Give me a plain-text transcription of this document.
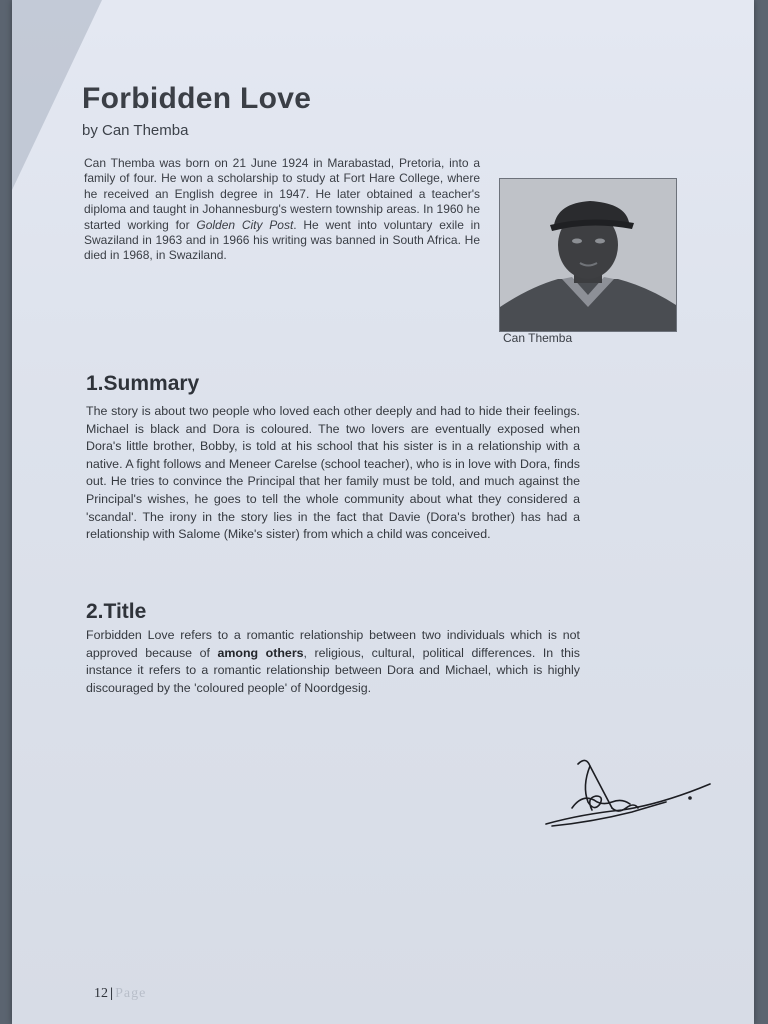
Forbidden Love
by Can Themba

Can Themba was born on 21 June 1924 in Marabastad, Pretoria, into a family of four. He won a scholarship to study at Fort Hare College, where he received an English degree in 1947. He later obtained a teacher's diploma and taught in Johannesburg's western township areas. In 1960 he started working for Golden City Post. He went into voluntary exile in Swaziland in 1963 and in 1966 his writing was banned in South Africa. He died in 1968, in Swaziland.

Can Themba
1.Summary

The story is about two people who loved each other deeply and had to hide their feelings. Michael is black and Dora is coloured. The two lovers are eventually exposed when Dora's little brother, Bobby, is told at his school that his sister is in a relationship with a native. A fight follows and Meneer Carelse (school teacher), who is in love with Dora, finds out. He tries to convince the Principal that her family must be told, and much against the Principal's wishes, he goes to tell the whole community about what they considered a 'scandal'. The irony in the story lies in the fact that Davie (Dora's brother) has had a relationship with Salome (Mike's sister) from which a child was conceived.

2.Title

Forbidden Love refers to a romantic relationship between two individuals which is not approved because of among others, religious, cultural, political differences. In this instance it refers to a romantic relationship between Dora and Michael, which is highly discouraged by the 'coloured people' of Noordgesig.

12 | Page
